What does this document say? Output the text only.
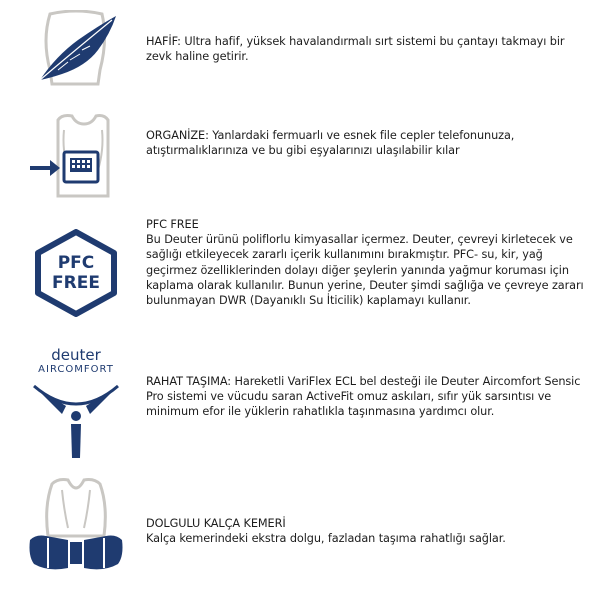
HAFİF: Ultra hafif, yüksek havalandırmalı sırt sistemi bu çantayı takmayı bir zevk haline getirir.

ORGANİZE: Yanlardaki fermuarlı ve esnek file cepler telefonunuza, atıştırmalıklarınıza ve bu gibi eşyalarınızı ulaşılabilir kılar

PFC
FREE

PFC FREE

Bu Deuter ürünü poliflorlu kimyasallar içermez. Deuter, çevreyi kirletecek ve sağlığı etkileyecek zararlı içerik kullanımını bırakmıştır. PFC- su, kir, yağ geçirmez özelliklerinden dolayı diğer şeylerin yanında yağmur koruması için kaplama olarak kullanılır. Bunun yerine, Deuter şimdi sağlığa ve çevreye zararı bulunmayan DWR (Dayanıklı Su İticilik) kaplamayı kullanır.

deuter
AIRCOMFORT

RAHAT TAŞIMA: Hareketli VariFlex ECL bel desteği ile Deuter Aircomfort Sensic Pro sistemi ve vücudu saran ActiveFit omuz askıları, sıfır yük sarsıntısı ve minimum efor ile yüklerin rahatlıkla taşınmasına yardımcı olur.

DOLGULU KALÇA KEMERİ

Kalça kemerindeki ekstra dolgu, fazladan taşıma rahatlığı sağlar.
